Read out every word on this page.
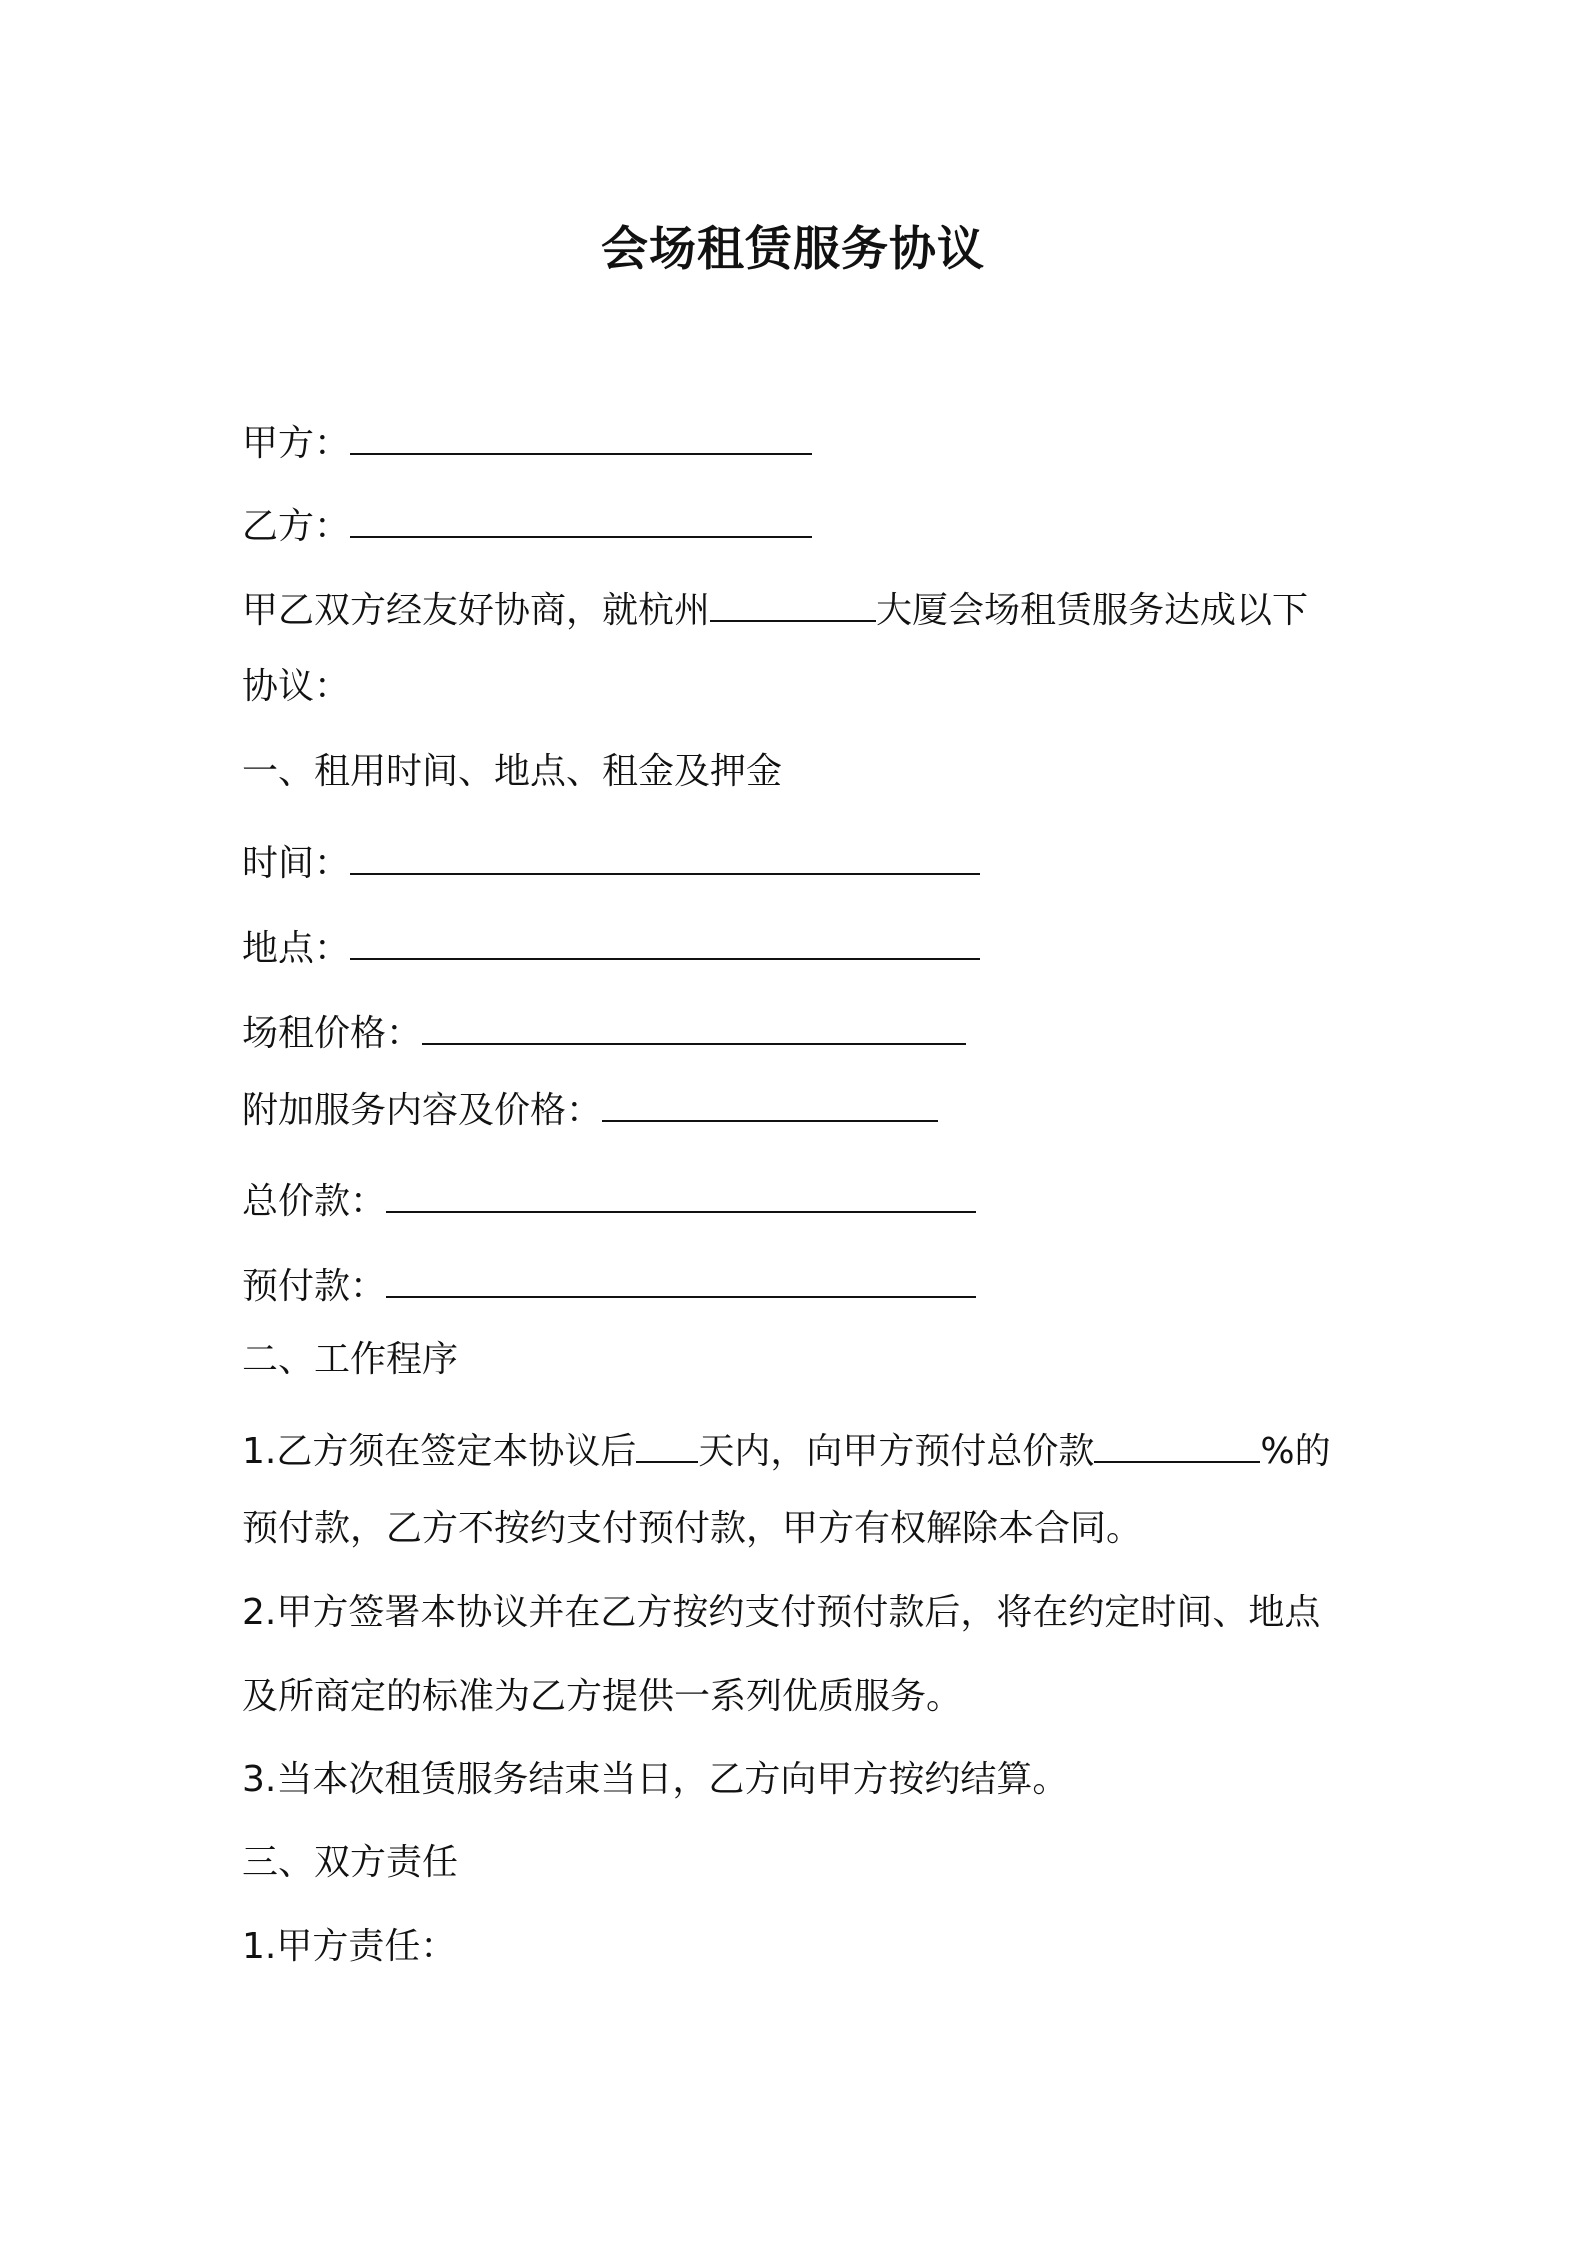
会场租赁服务协议

甲方：

乙方：

甲乙双方经友好协商，就杭州	大厦会场租赁服务达成以下

协议：

一、租用时间、地点、租金及押金

时间：

地点：

场租价格：

附加服务内容及价格：

总价款：

预付款：

二、工作程序

1.乙方须在签定本协议后 天内，向甲方预付总价款	%的

预付款，乙方不按约支付预付款，甲方有权解除本合同。

2.甲方签署本协议并在乙方按约支付预付款后，将在约定时间、地点

及所商定的标准为乙方提供一系列优质服务。

3.当本次租赁服务结束当日，乙方向甲方按约结算。

三、双方责任

1.甲方责任：
